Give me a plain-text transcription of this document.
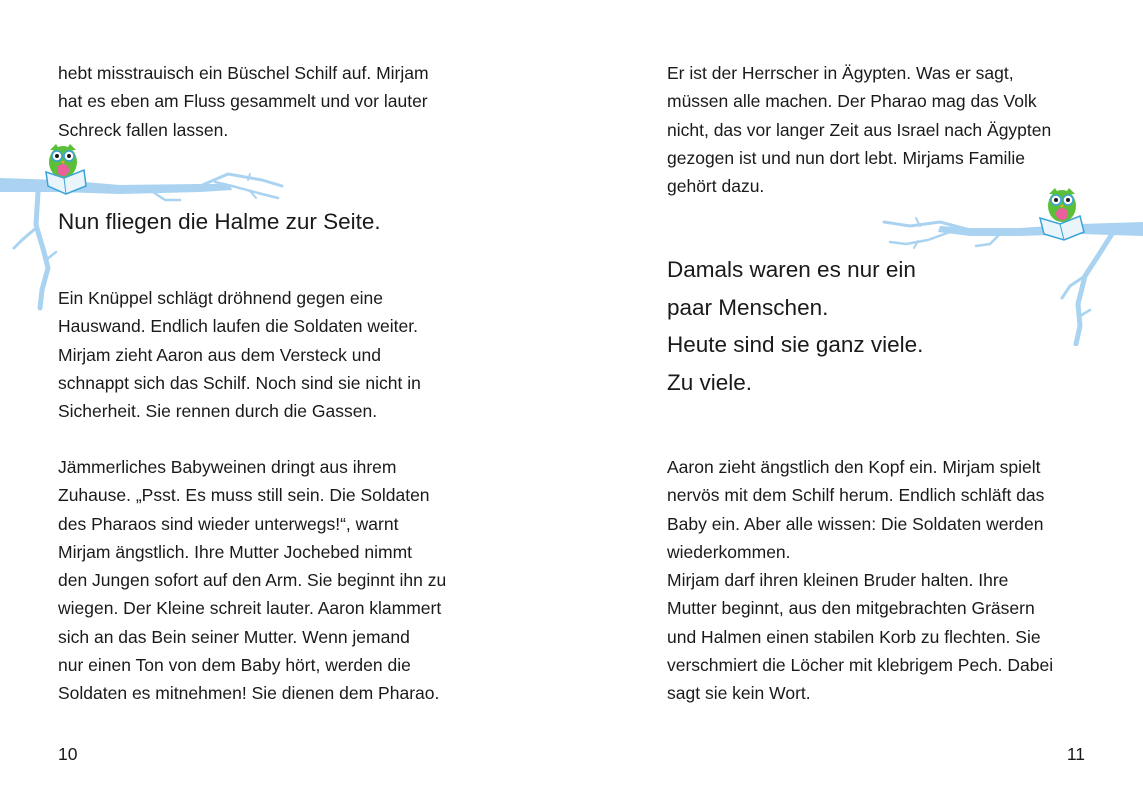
hebt misstrauisch ein Büschel Schilf auf. Mirjam
hat es eben am Fluss gesammelt und vor lauter
Schreck fallen lassen.
Nun fliegen die Halme zur Seite.
Ein Knüppel schlägt dröhnend gegen eine
Hauswand. Endlich laufen die Soldaten weiter.
Mirjam zieht Aaron aus dem Versteck und
schnappt sich das Schilf. Noch sind sie nicht in
Sicherheit. Sie rennen durch die Gassen.
Jämmerliches Babyweinen dringt aus ihrem
Zuhause. „Psst. Es muss still sein. Die Soldaten
des Pharaos sind wieder unterwegs!“, warnt
Mirjam ängstlich. Ihre Mutter Jochebed nimmt
den Jungen sofort auf den Arm. Sie beginnt ihn zu
wiegen. Der Kleine schreit lauter. Aaron klammert
sich an das Bein seiner Mutter. Wenn jemand
nur einen Ton von dem Baby hört, werden die
Soldaten es mitnehmen! Sie dienen dem Pharao.
10
Er ist der Herrscher in Ägypten. Was er sagt,
müssen alle machen. Der Pharao mag das Volk
nicht, das vor langer Zeit aus Israel nach Ägypten
gezogen ist und nun dort lebt. Mirjams Familie
gehört dazu.
Damals waren es nur ein
paar Menschen.
Heute sind sie ganz viele.
Zu viele.
Aaron zieht ängstlich den Kopf ein. Mirjam spielt
nervös mit dem Schilf herum. Endlich schläft das
Baby ein. Aber alle wissen: Die Soldaten werden
wiederkommen.
Mirjam darf ihren kleinen Bruder halten. Ihre
Mutter beginnt, aus den mitgebrachten Gräsern
und Halmen einen stabilen Korb zu flechten. Sie
verschmiert die Löcher mit klebrigem Pech. Dabei
sagt sie kein Wort.
11
